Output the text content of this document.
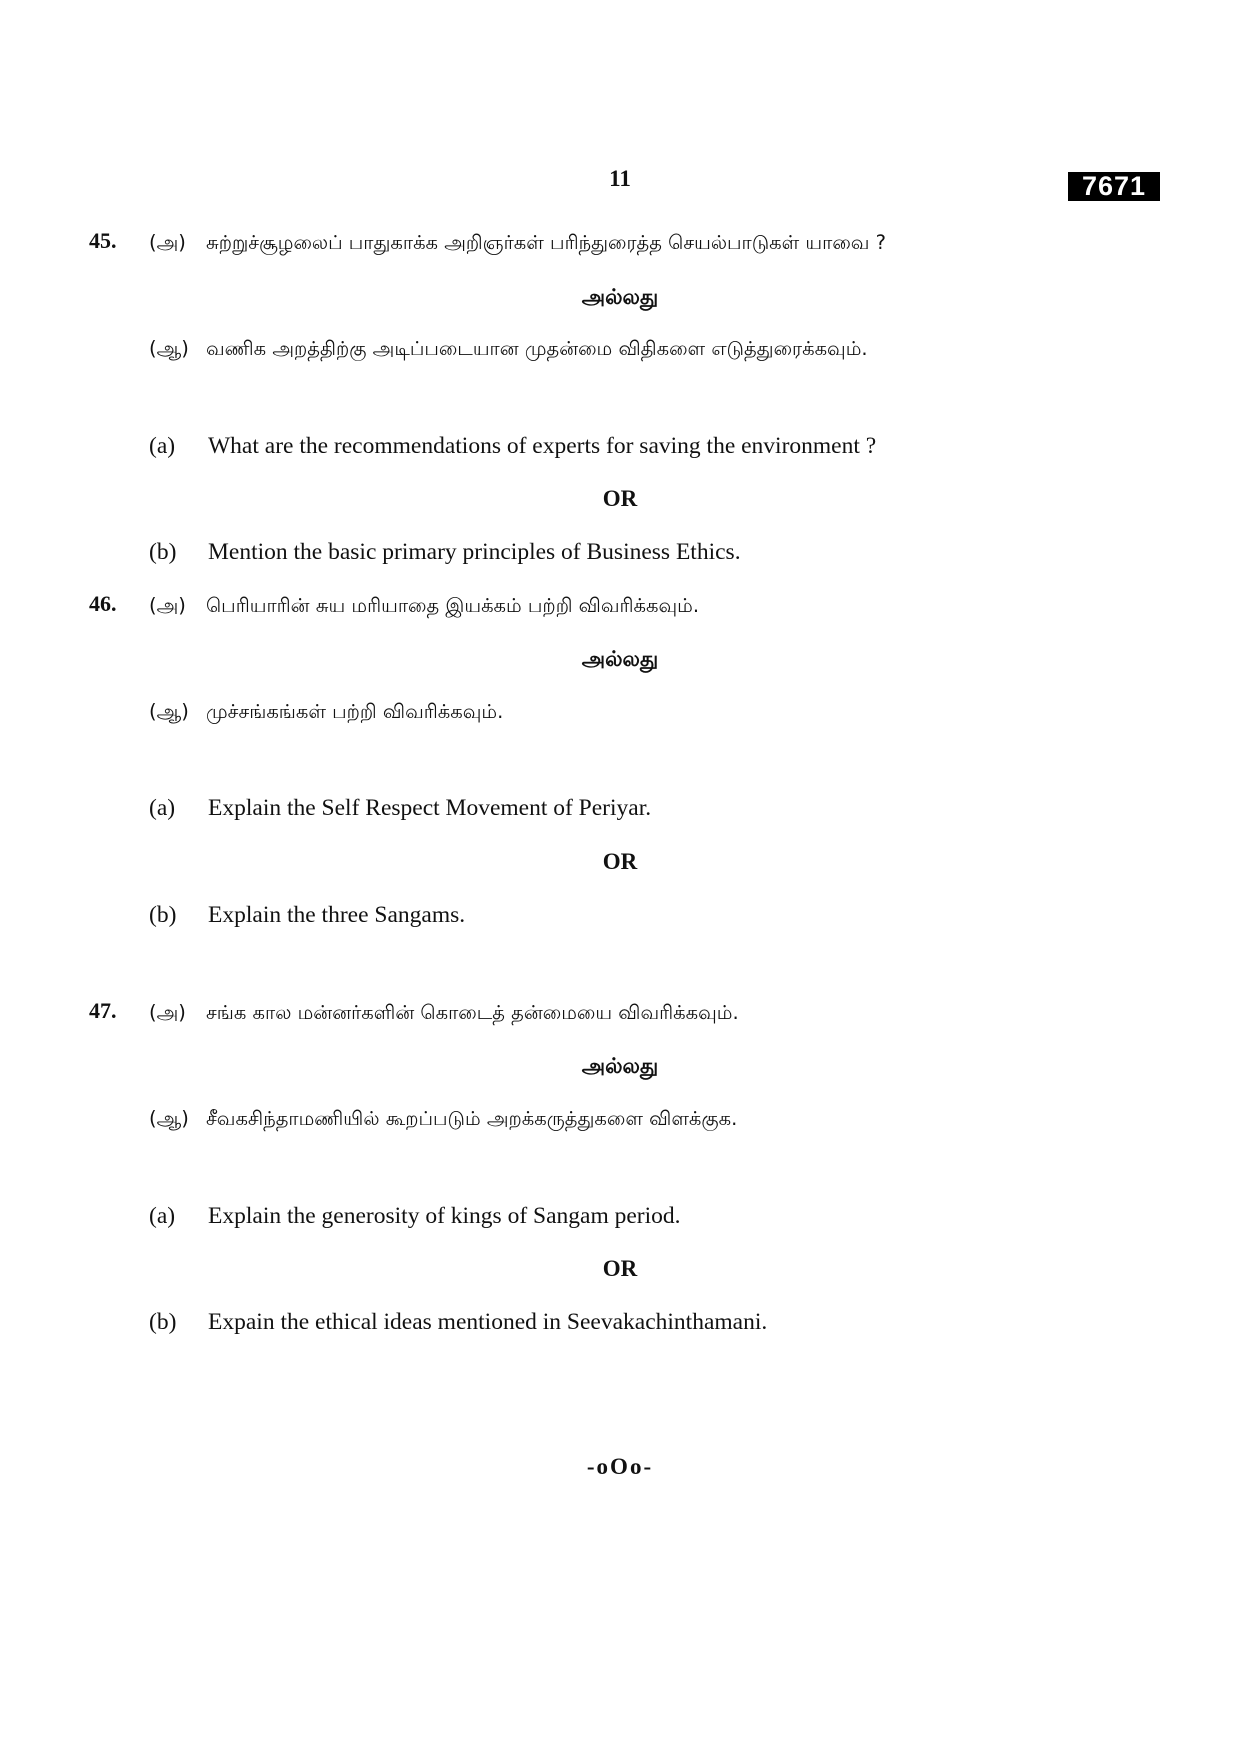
11	7671
45. (அ) சுற்றுச்சூழலைப் பாதுகாக்க அறிஞர்கள் பரிந்துரைத்த செயல்பாடுகள் யாவை ?
அல்லது
(ஆ) வணிக அறத்திற்கு அடிப்படையான முதன்மை விதிகளை எடுத்துரைக்கவும்.
(a) What are the recommendations of experts for saving the environment ?
OR
(b) Mention the basic primary principles of Business Ethics.
46. (அ) பெரியாரின் சுய மரியாதை இயக்கம் பற்றி விவரிக்கவும்.
அல்லது
(ஆ) முச்சங்கங்கள் பற்றி விவரிக்கவும்.
(a) Explain the Self Respect Movement of Periyar.
OR
(b) Explain the three Sangams.
47. (அ) சங்க கால மன்னர்களின் கொடைத் தன்மையை விவரிக்கவும்.
அல்லது
(ஆ) சீவகசிந்தாமணியில் கூறப்படும் அறக்கருத்துகளை விளக்குக.
(a) Explain the generosity of kings of Sangam period.
OR
(b) Expain the ethical ideas mentioned in Seevakachinthamani.
-oOo-
